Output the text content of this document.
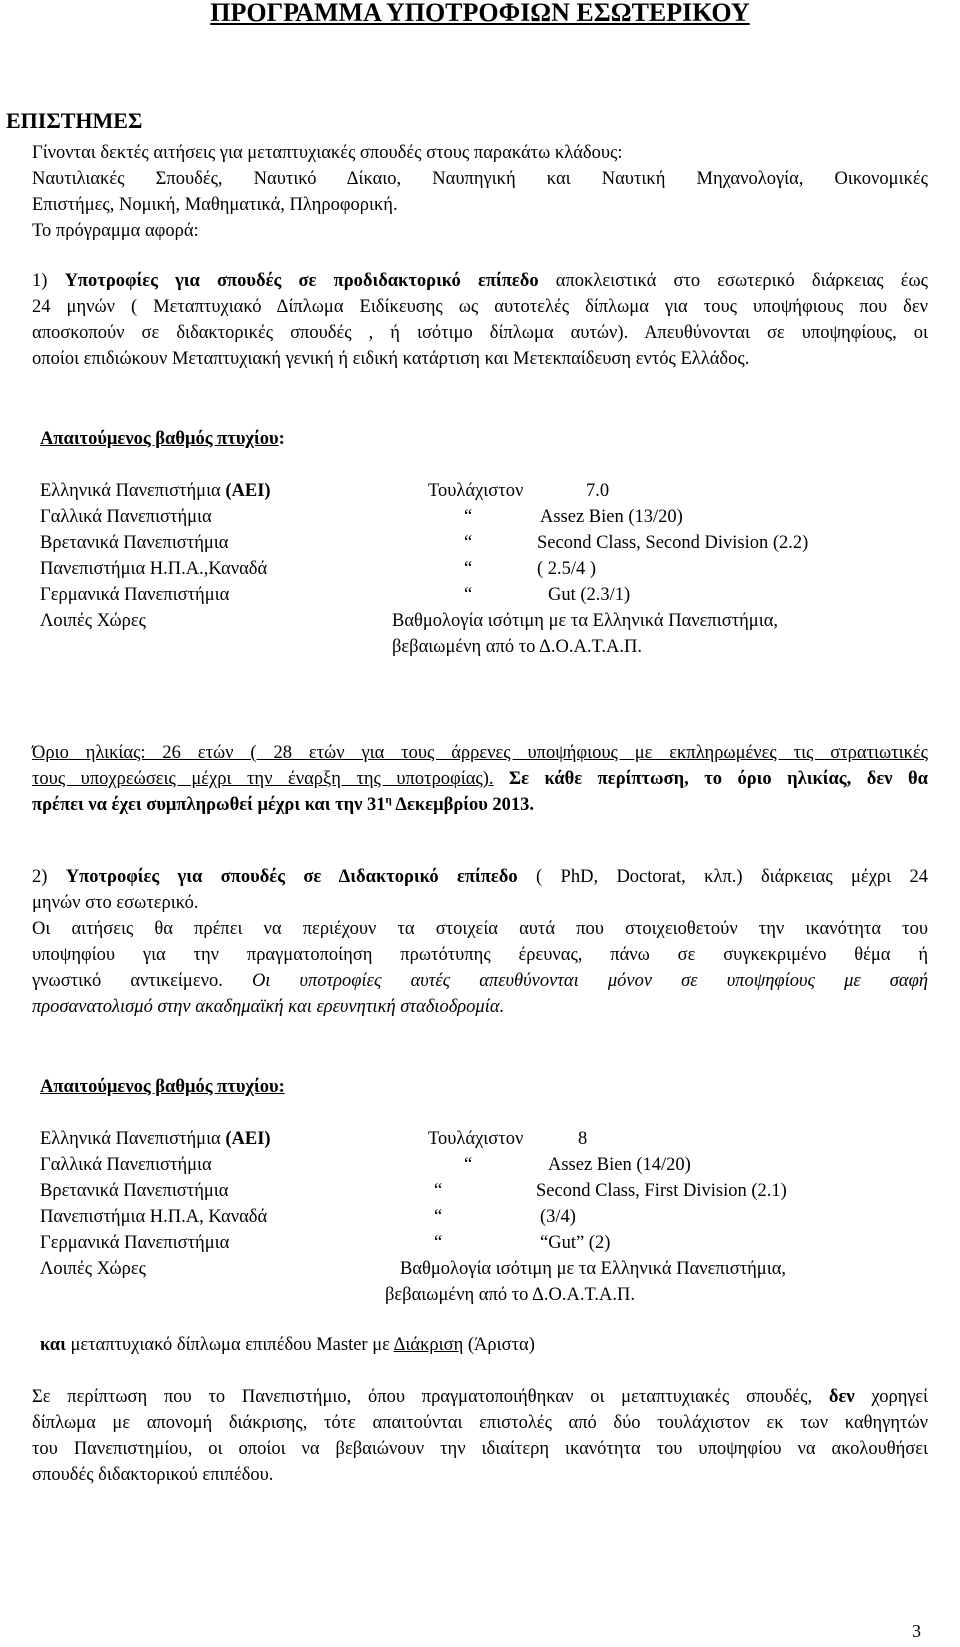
ΠΡΟΓΡΑΜΜΑ ΥΠΟΤΡΟΦΙΩΝ ΕΣΩΤΕΡΙΚΟΥ
ΕΠΙΣΤΗΜΕΣ
Γίνονται δεκτές αιτήσεις για μεταπτυχιακές σπουδές στους παρακάτω κλάδους:
Ναυτιλιακές Σπουδές, Ναυτικό Δίκαιο, Ναυπηγική και Ναυτική Μηχανολογία, Οικονομικές
Επιστήμες, Νομική, Μαθηματικά, Πληροφορική.
Το πρόγραμμα αφορά:
1) Υποτροφίες για σπουδές σε προδιδακτορικό επίπεδο αποκλειστικά στο εσωτερικό διάρκειας έως
24 μηνών ( Μεταπτυχιακό Δίπλωμα Ειδίκευσης ως αυτοτελές δίπλωμα για τους υποψήφιους που δεν
αποσκοπούν σε διδακτορικές σπουδές , ή ισότιμο δίπλωμα αυτών). Απευθύνονται σε υποψηφίους, οι
οποίοι επιδιώκουν Μεταπτυχιακή γενική ή ειδική κατάρτιση και Μετεκπαίδευση εντός Ελλάδος.
Απαιτούμενος βαθμός πτυχίου:
Ελληνικά Πανεπιστήμια (ΑΕΙ)	Τουλάχιστον	7.0
Γαλλικά Πανεπιστήμια	“	Assez Bien (13/20)
Βρετανικά Πανεπιστήμια	“	Second Class, Second Division (2.2)
Πανεπιστήμια Η.Π.Α.,Καναδά	“	( 2.5/4 )
Γερμανικά Πανεπιστήμια	“	Gut (2.3/1)
Λοιπές Χώρες	Βαθμολογία ισότιμη με τα Ελληνικά Πανεπιστήμια,
βεβαιωμένη από το Δ.Ο.Α.Τ.Α.Π.
Όριο ηλικίας: 26 ετών ( 28 ετών για τους άρρενες υποψήφιους με εκπληρωμένες τις στρατιωτικές
τους υποχρεώσεις μέχρι την έναρξη της υποτροφίας). Σε κάθε περίπτωση, το όριο ηλικίας, δεν θα
πρέπει να έχει συμπληρωθεί μέχρι και την $31^\eta$ Δεκεμβρίου 2013.
2) Υποτροφίες για σπουδές σε Διδακτορικό επίπεδο ( PhD, Doctorat, κλπ.) διάρκειας μέχρι 24
μηνών στο εσωτερικό.
Οι αιτήσεις θα πρέπει να περιέχουν τα στοιχεία αυτά που στοιχειοθετούν την ικανότητα του
υποψηφίου για την πραγματοποίηση πρωτότυπης έρευνας, πάνω σε συγκεκριμένο θέμα ή
γνωστικό αντικείμενο. Οι υποτροφίες αυτές απευθύνονται μόνον σε υποψηφίους με σαφή
προσανατολισμό στην ακαδημαϊκή και ερευνητική σταδιοδρομία.
Απαιτούμενος βαθμός πτυχίου:
Ελληνικά Πανεπιστήμια (ΑΕΙ)	Τουλάχιστον	8
Γαλλικά Πανεπιστήμια	“	Assez Bien (14/20)
Βρετανικά Πανεπιστήμια	“	Second Class, First Division (2.1)
Πανεπιστήμια Η.Π.Α, Καναδά	“	(3/4)
Γερμανικά Πανεπιστήμια	“	“Gut” (2)
Λοιπές Χώρες	Βαθμολογία ισότιμη με τα Ελληνικά Πανεπιστήμια,
βεβαιωμένη από το Δ.Ο.Α.Τ.Α.Π.
και μεταπτυχιακό δίπλωμα επιπέδου Master με Διάκριση (Άριστα)
Σε περίπτωση που το Πανεπιστήμιο, όπου πραγματοποιήθηκαν οι μεταπτυχιακές σπουδές, δεν χορηγεί
δίπλωμα με απονομή διάκρισης, τότε απαιτούνται επιστολές από δύο τουλάχιστον εκ των καθηγητών
του Πανεπιστημίου, οι οποίοι να βεβαιώνουν την ιδιαίτερη ικανότητα του υποψηφίου να ακολουθήσει
σπουδές διδακτορικού επιπέδου.
3
